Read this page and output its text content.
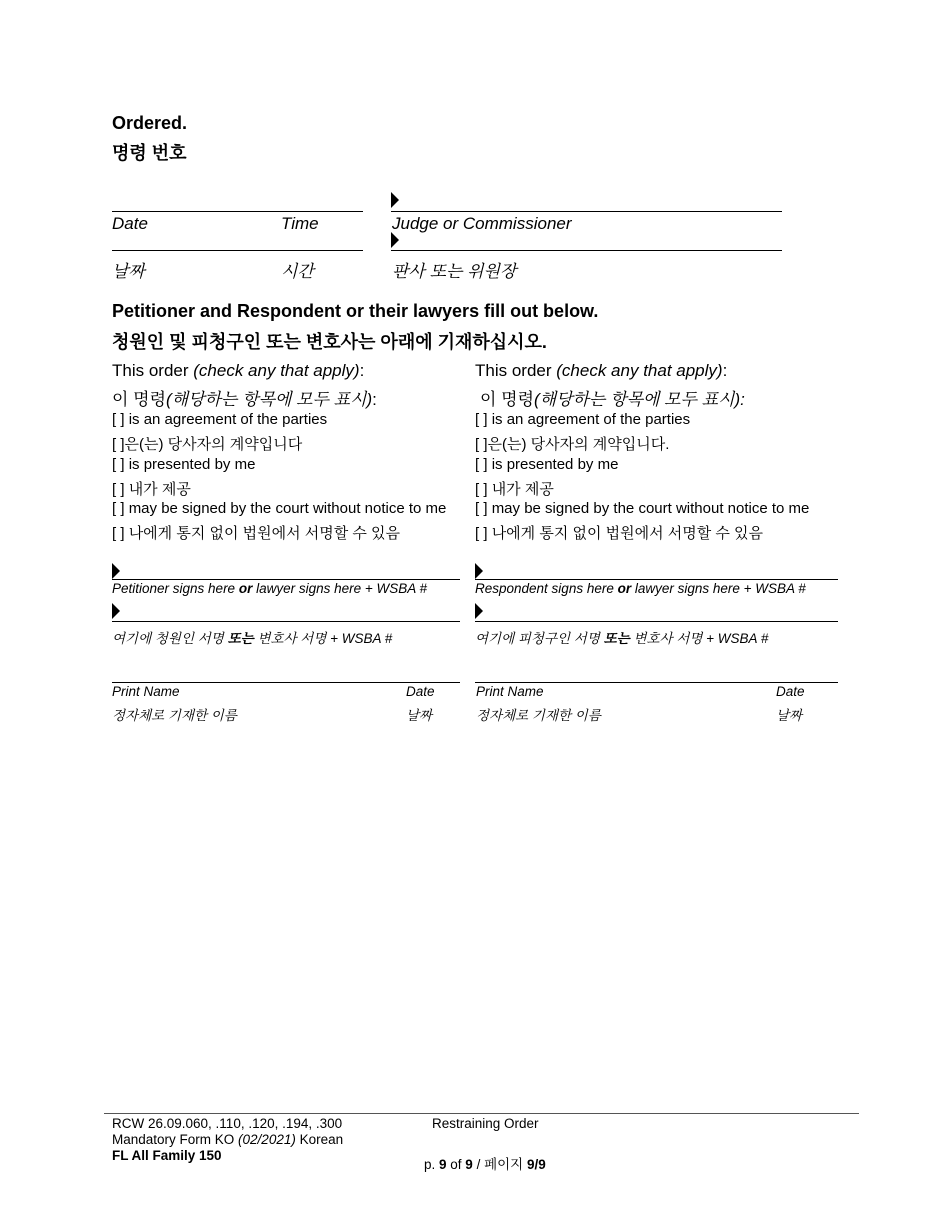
Ordered.
명령 번호
Date	Time	Judge or Commissioner
날짜	시간	판사 또는 위원장
Petitioner and Respondent or their lawyers fill out below.
청원인 및 피청구인 또는 변호사는 아래에 기재하십시오.
This order (check any that apply):
이 명령(해당하는 항목에 모두 표시):
[ ] is an agreement of the parties
[ ]은(는) 당사자의 계약입니다
[ ] is presented by me
[ ] 내가 제공
[ ] may be signed by the court without notice to me
[ ] 나에게 통지 없이 법원에서 서명할 수 있음
Petitioner signs here or lawyer signs here + WSBA #
여기에 청원인 서명 또는 변호사 서명 + WSBA #
Print Name	Date
정자체로 기재한 이름	날짜
This order (check any that apply):
이 명령(해당하는 항목에 모두 표시):
[ ] is an agreement of the parties
[ ]은(는) 당사자의 계약입니다.
[ ] is presented by me
[ ] 내가 제공
[ ] may be signed by the court without notice to me
[ ] 나에게 통지 없이 법원에서 서명할 수 있음
Respondent signs here or lawyer signs here + WSBA #
여기에 피청구인 서명 또는 변호사 서명 + WSBA #
Print Name	Date
정자체로 기재한 이름	날짜
RCW 26.09.060, .110, .120, .194, .300
Mandatory Form KO (02/2021) Korean
FL All Family 150
Restraining Order
p. 9 of 9 / 페이지 9/9
